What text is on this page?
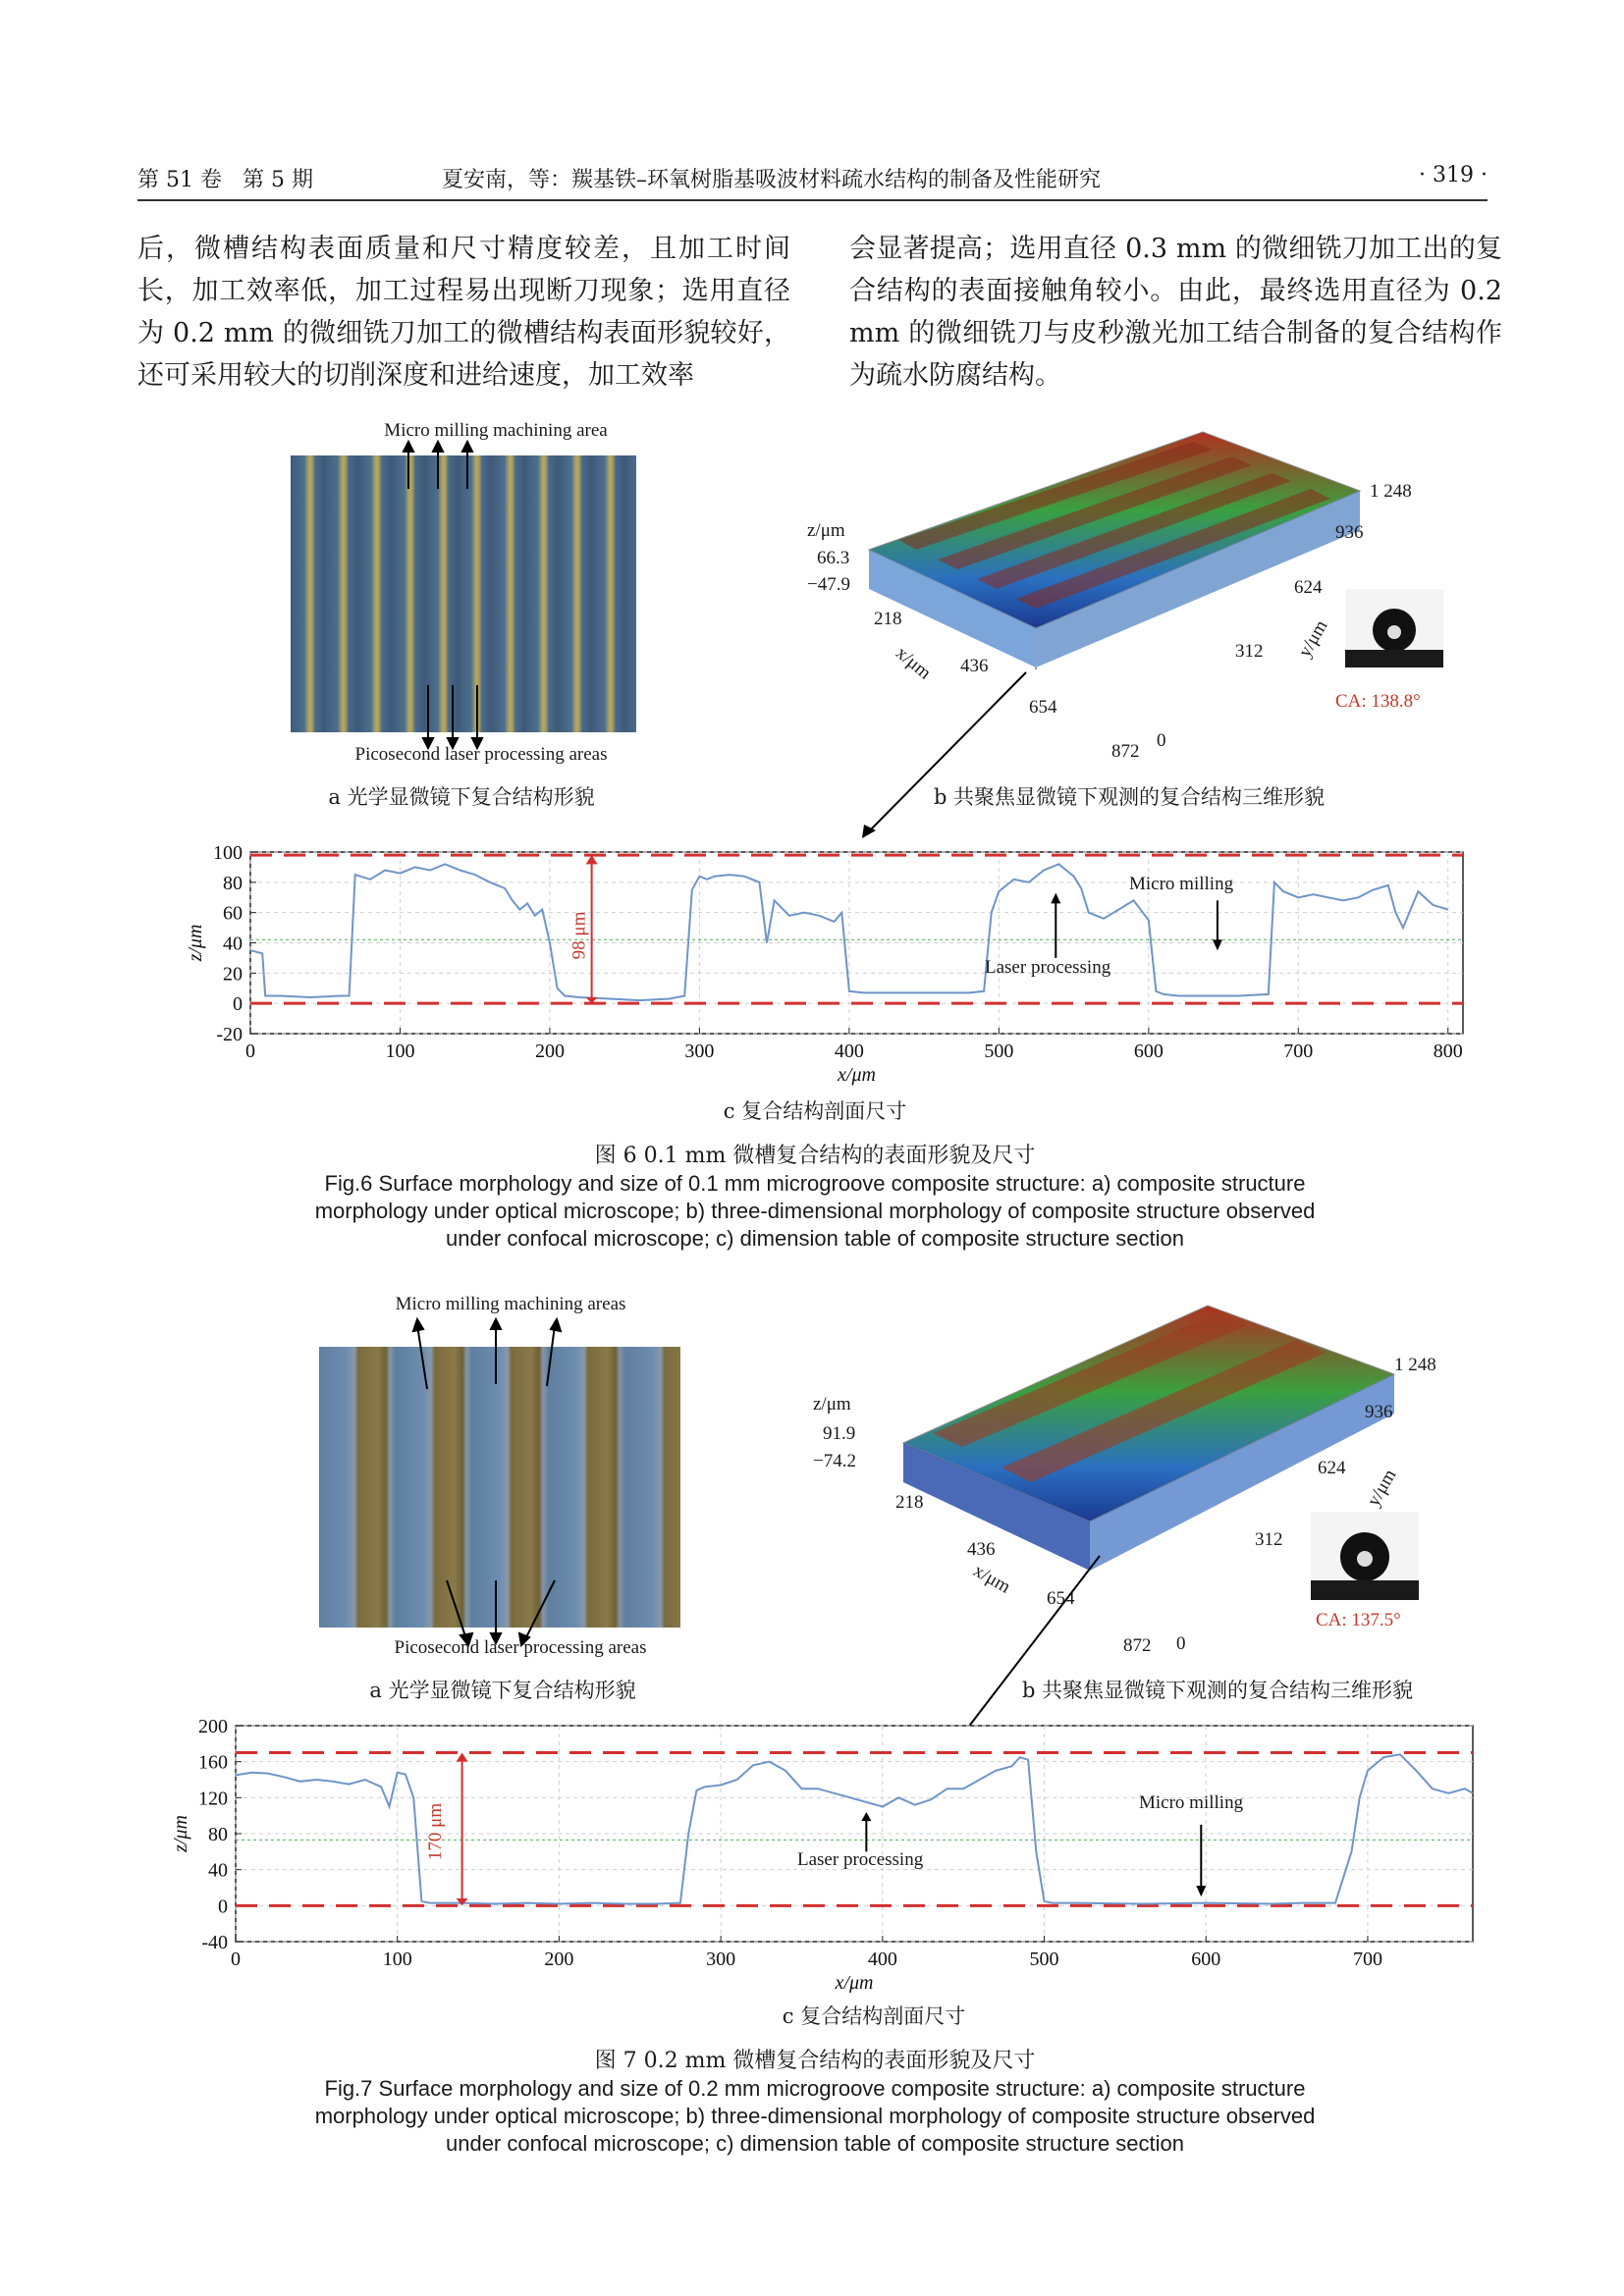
第 51 卷 第 5 期	夏安南，等：羰基铁–环氧树脂基吸波材料疏水结构的制备及性能研究	· 319 ·
后，微槽结构表面质量和尺寸精度较差，且加工时间长，加工效率低，加工过程易出现断刀现象；选用直径为 0.2 mm 的微细铣刀加工的微槽结构表面形貌较好，还可采用较大的切削深度和进给速度，加工效率
会显著提高；选用直径 0.3 mm 的微细铣刀加工出的复合结构的表面接触角较小。由此，最终选用直径为 0.2 mm 的微细铣刀与皮秒激光加工结合制备的复合结构作为疏水防腐结构。
Micro milling machining area
Picosecond laser processing areas
a 光学显微镜下复合结构形貌
z/μm
66.3
−47.9
218
436
654
872
x/μm
1 248
936
624
312
0
y/μm
CA: 138.8°
b 共聚焦显微镜下观测的复合结构三维形貌
0	100	200	300	400	500	600	700	800
-20
0
20
40
60
80
100
x/μm
z/μm
Micro milling
Laser processing
98 μm
c 复合结构剖面尺寸
图 6 0.1 mm 微槽复合结构的表面形貌及尺寸
Fig.6 Surface morphology and size of 0.1 mm microgroove composite structure: a) composite structure
morphology under optical microscope; b) three-dimensional morphology of composite structure observed
under confocal microscope; c) dimension table of composite structure section
Micro milling machining areas
Picosecond laser processing areas
a 光学显微镜下复合结构形貌
z/μm
91.9
−74.2
218
436
654
872
x/μm
1 248
936
624
312
0
y/μm
CA: 137.5°
b 共聚焦显微镜下观测的复合结构三维形貌
0	100	200	300	400	500	600	700
-40
0
40
80
120
160
200
x/μm
z/μm
Micro milling
Laser processing
170 μm
c 复合结构剖面尺寸
图 7 0.2 mm 微槽复合结构的表面形貌及尺寸
Fig.7 Surface morphology and size of 0.2 mm microgroove composite structure: a) composite structure
morphology under optical microscope; b) three-dimensional morphology of composite structure observed
under confocal microscope; c) dimension table of composite structure section
